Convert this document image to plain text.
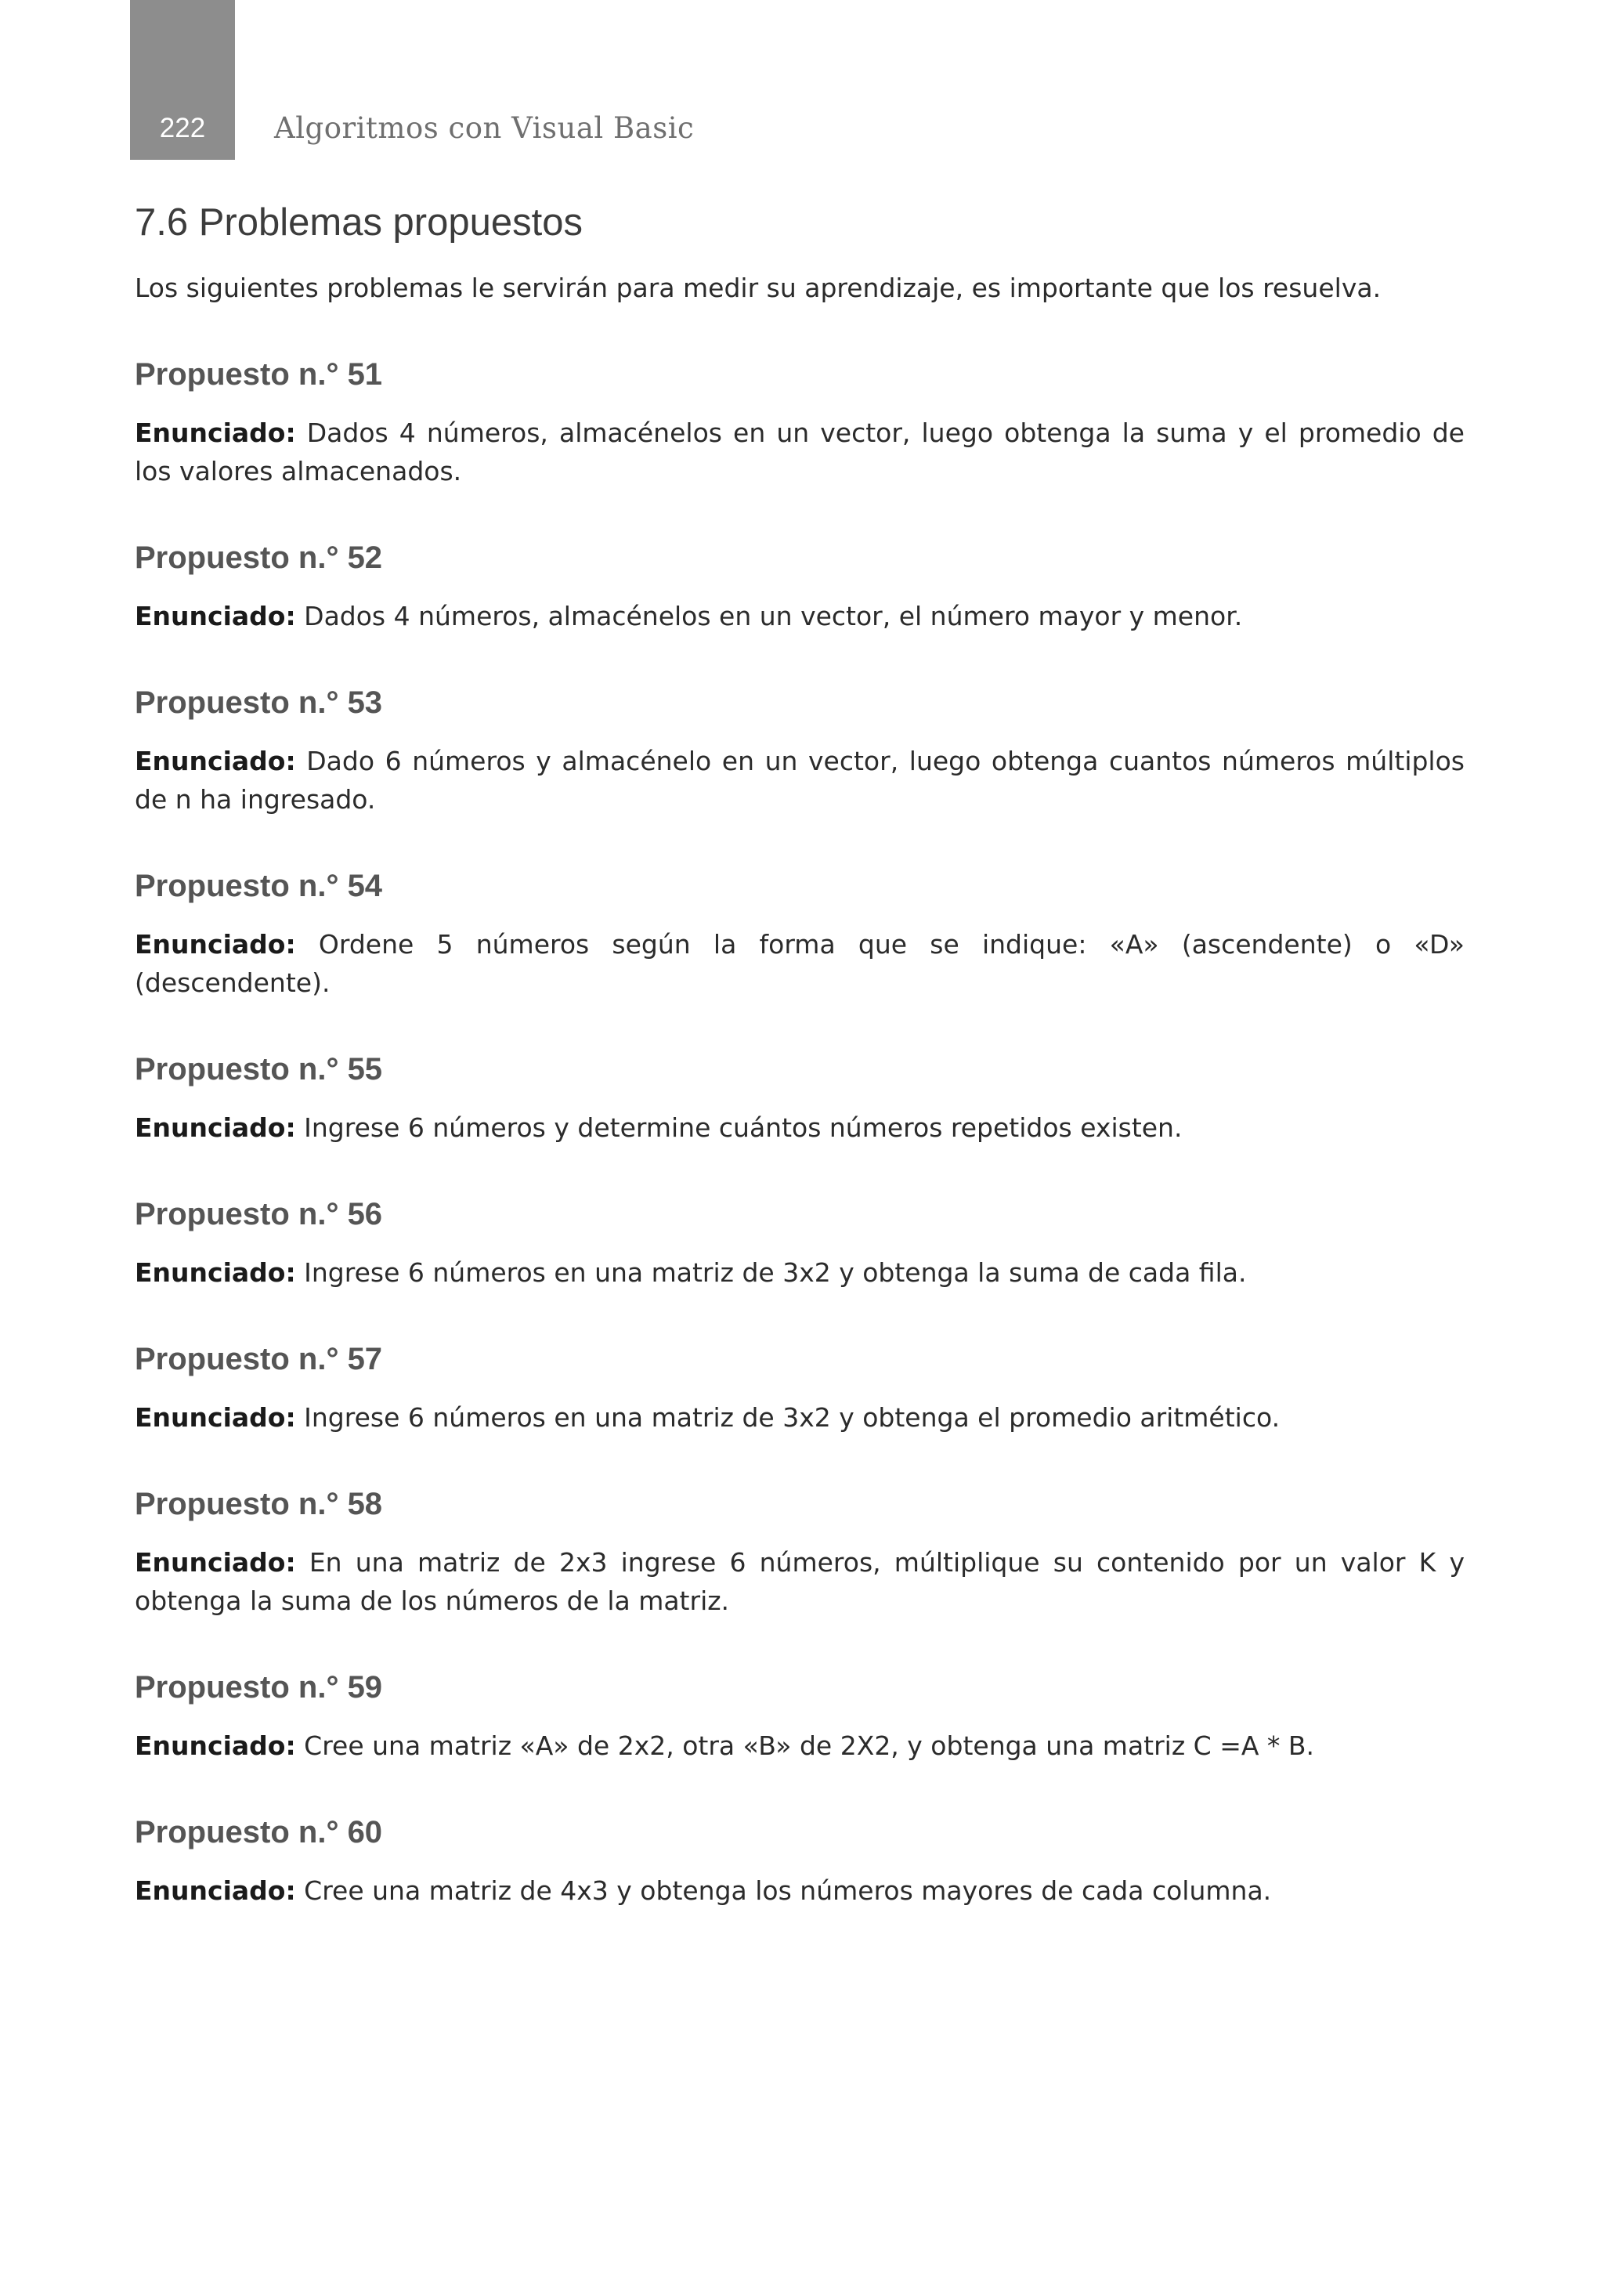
222	Algoritmos con Visual Basic
7.6 Problemas propuestos

Los siguientes problemas le servirán para medir su aprendizaje, es importante que los resuelva.

Propuesto n.° 51

Enunciado: Dados 4 números, almacénelos en un vector, luego obtenga la suma y el promedio de los valores almacenados.

Propuesto n.° 52

Enunciado: Dados 4 números, almacénelos en un vector, el número mayor y menor.

Propuesto n.° 53

Enunciado: Dado 6 números y almacénelo en un vector, luego obtenga cuantos números múltiplos de n ha ingresado.

Propuesto n.° 54

Enunciado: Ordene 5 números según la forma que se indique: «A» (ascendente) o «D» (descendente).

Propuesto n.° 55

Enunciado: Ingrese 6 números y determine cuántos números repetidos existen.

Propuesto n.° 56

Enunciado: Ingrese 6 números en una matriz de 3x2 y obtenga la suma de cada fila.

Propuesto n.° 57

Enunciado: Ingrese 6 números en una matriz de 3x2 y obtenga el promedio aritmético.

Propuesto n.° 58

Enunciado: En una matriz de 2x3 ingrese 6 números, múltiplique su contenido por un valor K y obtenga la suma de los números de la matriz.

Propuesto n.° 59

Enunciado: Cree una matriz «A» de 2x2, otra «B» de 2X2, y obtenga una matriz C =A * B.

Propuesto n.° 60

Enunciado: Cree una matriz de 4x3 y obtenga los números mayores de cada columna.
